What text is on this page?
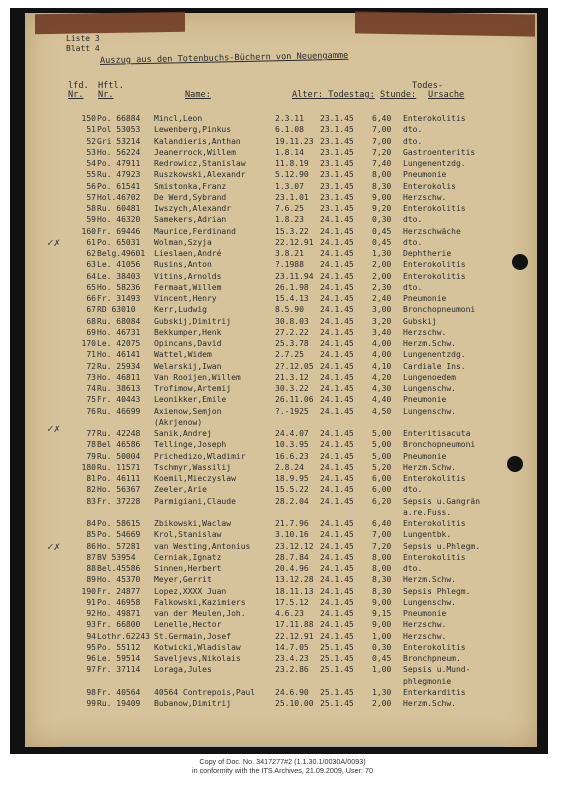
Liste 3
Blatt 4
Auszug aus den Totenbuchs-Büchern von Neuengamme
lfd. Hftl.	Todes-
Nr. Nr.	Name:	Alter: Todestag: Stunde: Ursache
150 Po. 66884 Mincl,Leon	2.3.11 23.1.45 6,40 Enterokolitis
51 Pol 53053 Lewenberg,Pinkus	6.1.08 23.1.45 7,00 dto.
52 Gri 53214 Kalandieris,Anthan	19.11.23 23.1.45 7,00 dto.
53 Ho. 56224 Jeanerrock,Willem	1.8.14 23.1.45 7,20 Gastroenteritis
54 Po. 47911 Redrowicz,Stanislaw	11.8.19 23.1.45 7,40 Lungenentzdg.
55 Ru. 47923 Ruszkowski,Alexandr	5.12.90 23.1.45 8,00 Pneumonie
56 Po. 61541 Smistonka,Franz	1.3.07 23.1.45 8,30 Enterokolis
57 Hol.46702 De Werd,Sybrand	23.1.01 23.1.45 9,00 Herzschw.
58 Ru. 60481 Iwszych,Alexandr	7.6.25 23.1.45 9,20 Enterokolitis
59 Ho. 46320 Samekers,Adrian	1.8.23 24.1.45 0,30 dto.
160 Fr. 69446 Maurice,Ferdinand	15.3.22 24.1.45 0,45 Herzschwäche
61 Po. 65031 Wolman,Szyja	22.12.91 24.1.45 0,45 dto.
62 Belg.49601 Lieslaen,André	3.8.21 24.1.45 1,30 Dephtherie
63 Le. 41056 Rusins,Anton	?.1988 24.1.45 2,00 Enterokolitis
64 Le. 38403 Vitins,Arnolds	23.11.94 24.1.45 2,00 Enterokolitis
65 Ho. 58236 Fermaat,Willem	26.1.98 24.1.45 2,30 dto.
66 Fr. 31493 Vincent,Henry	15.4.13 24.1.45 2,40 Pneumonie
67 RD 63010 Kerr,Ludwig	8.5.90 24.1.45 3,00 Bronchopneumoni
68 Ru. 68084 Gubskij,Dimitrij	30.8.03 24.1.45 3,20 Gubskij
69 Ho. 46731 Bekkumper,Henk	27.2.22 24.1.45 3,40 Herzschw.
170 Le. 42075 Opincans,David	25.3.78 24.1.45 4,00 Herzm.Schw.
71 Ho. 46141 Wattel,Widem	2.7.25 24.1.45 4,00 Lungenentzdg.
72 Ru. 25934 Welarskij,Iwan	2?.12.05 24.1.45 4,10 Cardiale Ins.
73 Ho. 46811 Van Rooijen,Willem	21.3.12 24.1.45 4,20 Lungenoedem
74 Ru. 38613 Trofimow,Artemij	30.3.22 24.1.45 4,30 Lungenschw.
75 Fr. 40443 Leonikker,Emile	26.11.06 24.1.45 4,40 Pneumonie
76 Ru. 46699 Axienow,Semjon	?.-1925 24.1.45 4,50 Lungenschw.
(Akrjenow)
77 Ru. 42248 Sanik,Andrej	24.4.07 24.1.45 5,00 Enteritisacuta
78 Bel 46586 Tellinge,Joseph	10.3.95 24.1.45 5,00 Bronchopneumoni
79 Ru. 50004 Prichedizo,Wladimir	16.6.23 24.1.45 5,00 Pneumonie
180 Ru. 11571 Tschmyr,Wassilij	2.8.24 24.1.45 5,20 Herzm.Schw.
81 Po. 46111 Koemil,Mieczyslaw	18.9.95 24.1.45 6,00 Enterokolitis
82 Ho. 56367 Zeeler,Arie	15.5.22 24.1.45 6,00 dto.
83 Fr. 37228 Parmigiani,Claude	28.2.04 24.1.45 6,20 Sepsis u.Gangrän
a.re.Fuss.
84 Po. 58615 Zbikowski,Waclaw	21.7.96 24.1.45 6,40 Enterokolitis
85 Po. 54669 Krol,Stanislaw	3.10.16 24.1.45 7,00 Lungentbk.
86 Ho. 57281 van Westing,Antonius	23.12.12 24.1.45 7,20 Sepsis u.Phlegm.
87 BV 53954 Cerniak,Ignatz	28.7.84 24.1.45 8,00 Enterokolitis
88 Bel.45586 Sinnen,Herbert	20.4.96 24.1.45 8,00 dto.
89 Ho. 45370 Meyer,Gerrit	13.12.28 24.1.45 8,30 Herzm.Schw.
190 Fr. 24877 Lopez,XXXX Juan	18.11.13 24.1.45 8,30 Sepsis Phlegm.
91 Po. 46958 Falkowski,Kazimiers	17.5.12 24.1.45 9,00 Lungenschw.
92 Ho. 49871 van der Meulen,Joh.	4.6.23 24.1.45 9,15 Pneumonie
93 Fr. 66800 Lenelle,Hector	17.11.88 24.1.45 9,00 Herzschw.
94 Lothr.62243 St.Germain,Josef	22.12.91 24.1.45 1,00 Herzschw.
95 Po. 55112 Kotwicki,Wladislaw	14.7.05 25.1.45 0,30 Enterokolitis
96 Le. 59514 Saveljevs,Nikolais	23.4.23 25.1.45 0,45 Bronchpneum.
97 Fr. 37114 Loraga,Jules	23.2.86 25.1.45 1,00 Sepsis u.Mund-
phlegmonie
98 Fr. 40564 40564 Contrepois,Paul 24.6.90 25.1.45 1,30 Enterkarditis
99 Ru. 19409 Bubanow,Dimitrij	25.10.00 25.1.45 2,00 Herzm.Schw.
✓✗
✓✗
✓✗
Copy of Doc. No. 3417277#2 (1.1.30.1/0030A/0093)
in conformity with the ITS Archives, 21.09.2009, User: 70
